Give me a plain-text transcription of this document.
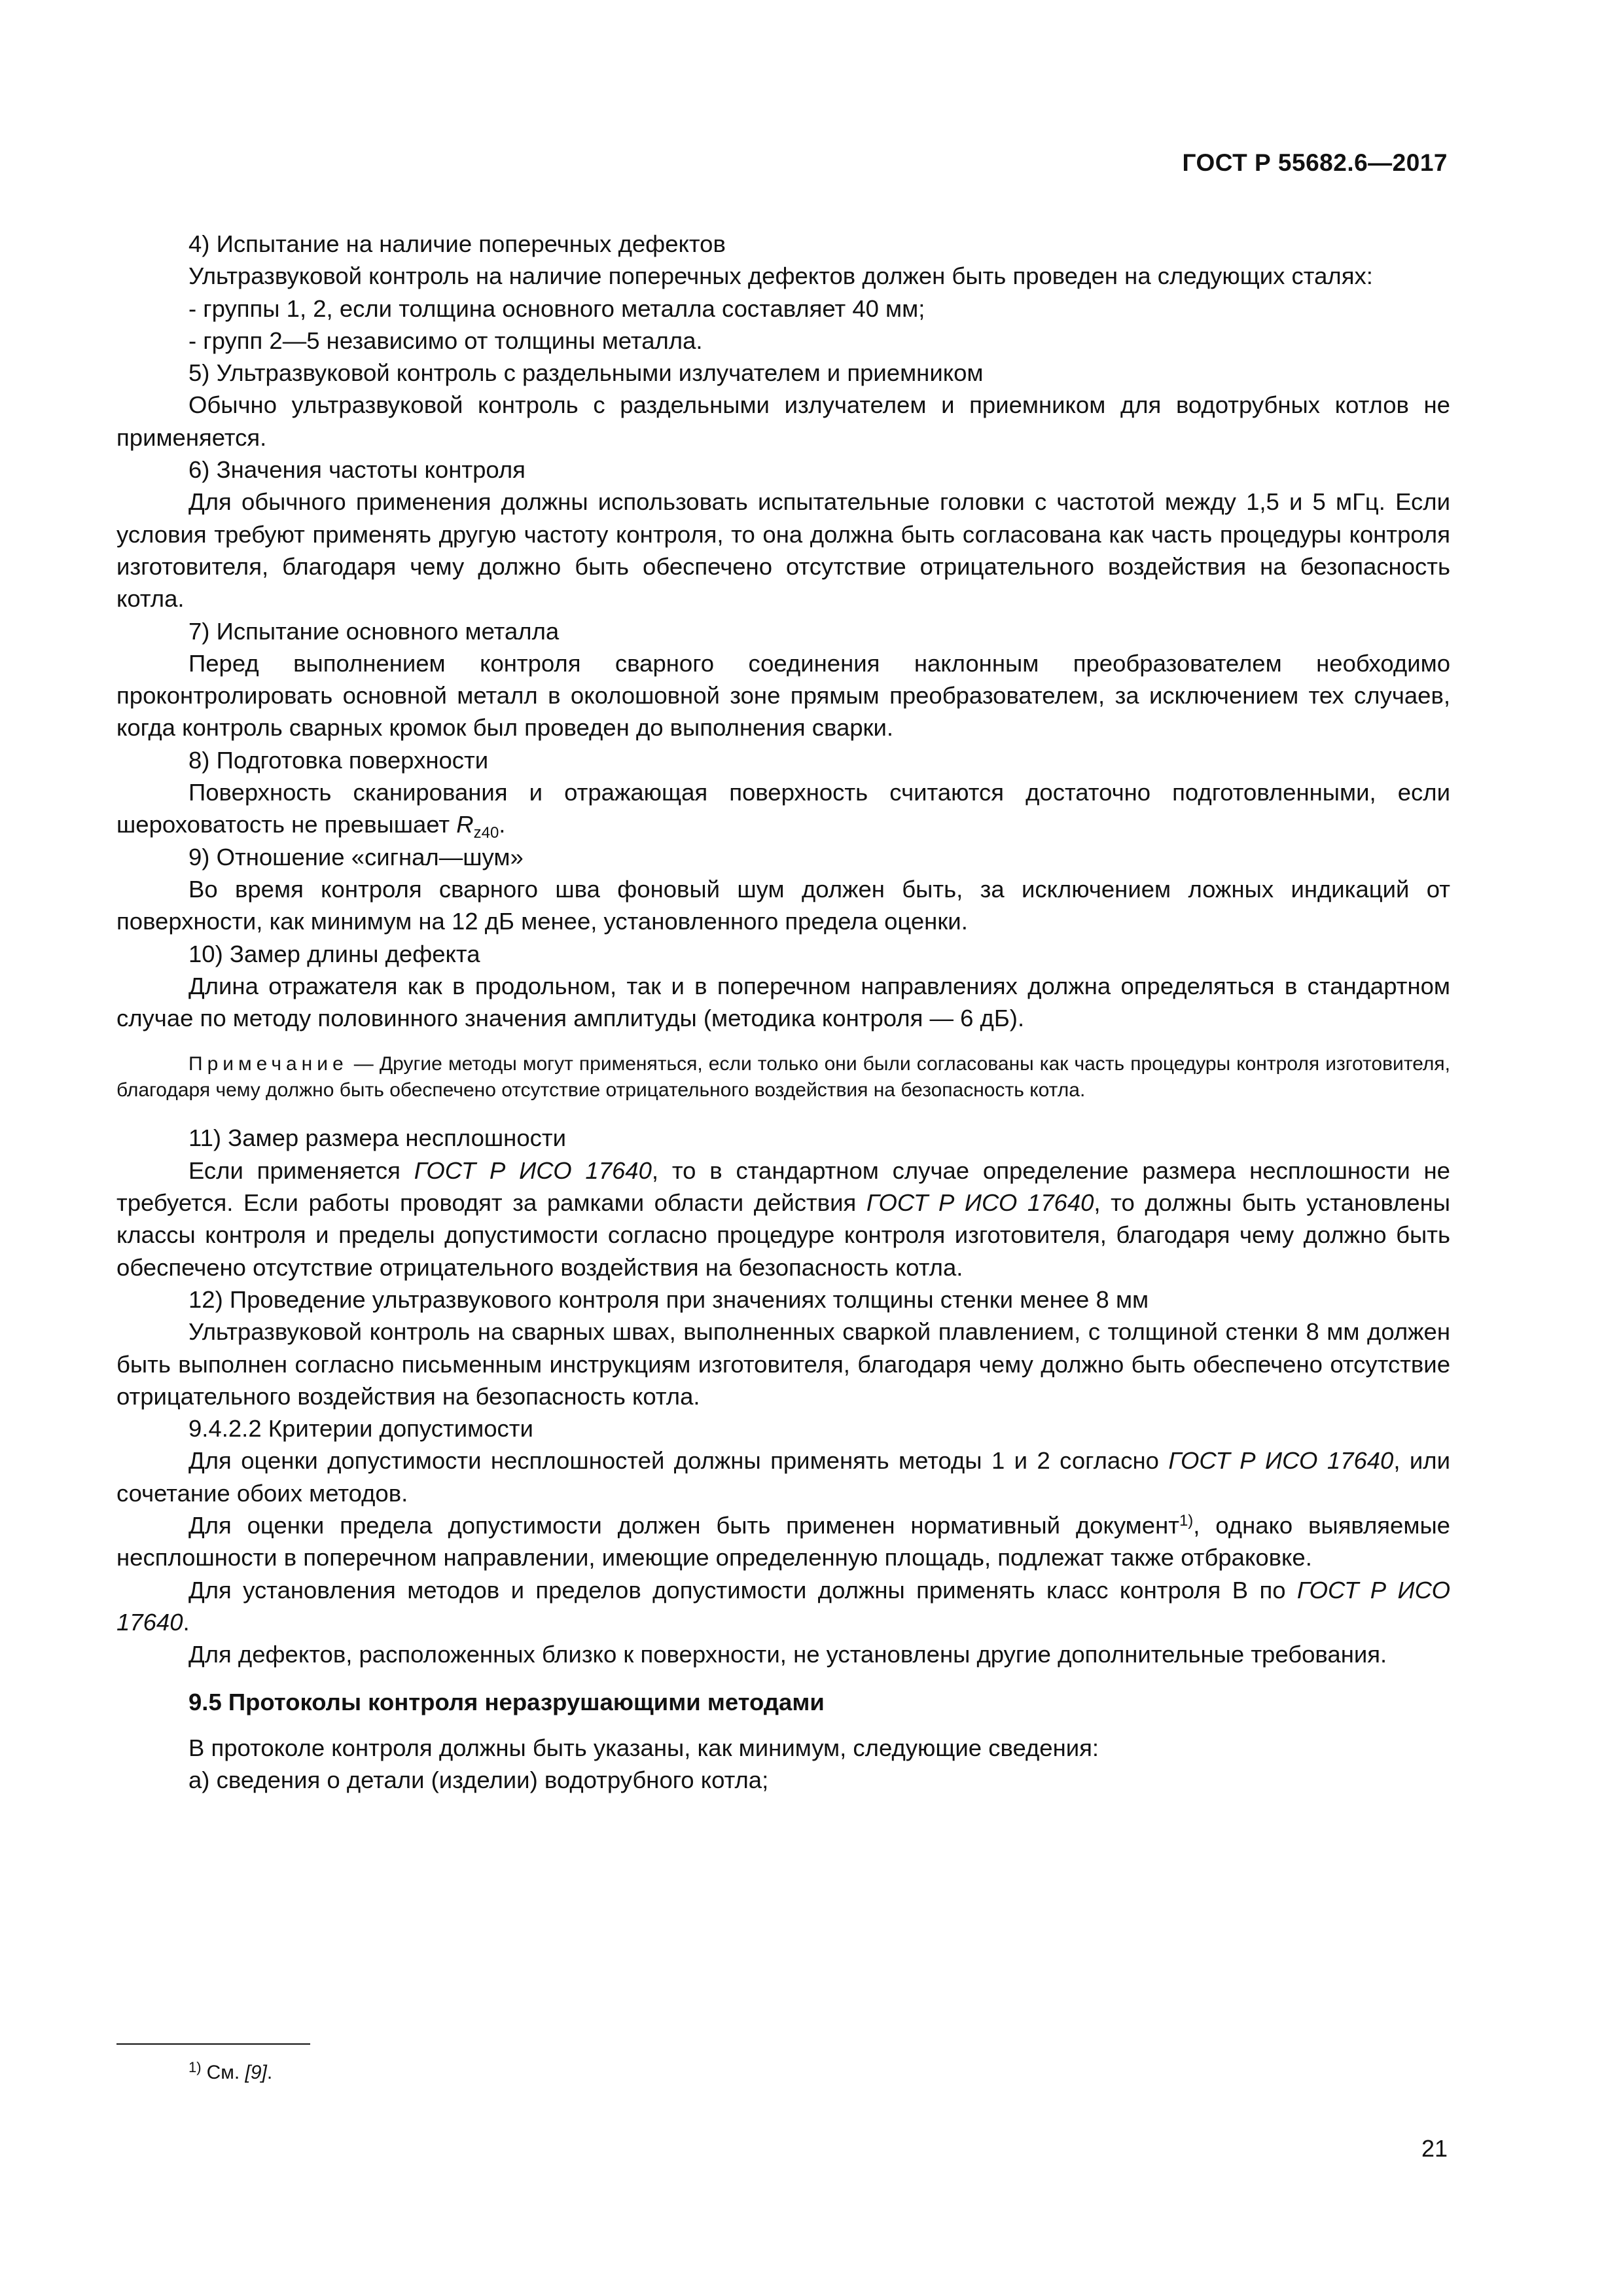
ГОСТ Р 55682.6—2017

4) Испытание на наличие поперечных дефектов

Ультразвуковой контроль на наличие поперечных дефектов должен быть проведен на следующих сталях:

- группы 1, 2, если толщина основного металла составляет 40 мм;

- групп 2—5 независимо от толщины металла.

5) Ультразвуковой контроль с раздельными излучателем и приемником

Обычно ультразвуковой контроль с раздельными излучателем и приемником для водотрубных котлов не применяется.

6) Значения частоты контроля

Для обычного применения должны использовать испытательные головки с частотой между 1,5 и 5 мГц. Если условия требуют применять другую частоту контроля, то она должна быть согласована как часть процедуры контроля изготовителя, благодаря чему должно быть обеспечено отсутствие отрицательного воздействия на безопасность котла.

7) Испытание основного металла

Перед выполнением контроля сварного соединения наклонным преобразователем необходимо проконтролировать основной металл в околошовной зоне прямым преобразователем, за исключением тех случаев, когда контроль сварных кромок был проведен до выполнения сварки.

8) Подготовка поверхности

Поверхность сканирования и отражающая поверхность считаются достаточно подготовленными, если шероховатость не превышает $R_{z40}$.

9) Отношение «сигнал—шум»

Во время контроля сварного шва фоновый шум должен быть, за исключением ложных индикаций от поверхности, как минимум на 12 дБ менее, установленного предела оценки.

10) Замер длины дефекта

Длина отражателя как в продольном, так и в поперечном направлениях должна определяться в стандартном случае по методу половинного значения амплитуды (методика контроля — 6 дБ).

Примечание — Другие методы могут применяться, если только они были согласованы как часть процедуры контроля изготовителя, благодаря чему должно быть обеспечено отсутствие отрицательного воздействия на безопасность котла.

11) Замер размера несплошности

Если применяется ГОСТ Р ИСО 17640, то в стандартном случае определение размера несплошности не требуется. Если работы проводят за рамками области действия ГОСТ Р ИСО 17640, то должны быть установлены классы контроля и пределы допустимости согласно процедуре контроля изготовителя, благодаря чему должно быть обеспечено отсутствие отрицательного воздействия на безопасность котла.

12) Проведение ультразвукового контроля при значениях толщины стенки менее 8 мм

Ультразвуковой контроль на сварных швах, выполненных сваркой плавлением, с толщиной стенки 8 мм должен быть выполнен согласно письменным инструкциям изготовителя, благодаря чему должно быть обеспечено отсутствие отрицательного воздействия на безопасность котла.

9.4.2.2 Критерии допустимости

Для оценки допустимости несплошностей должны применять методы 1 и 2 согласно ГОСТ Р ИСО 17640, или сочетание обоих методов.

Для оценки предела допустимости должен быть применен нормативный документ$^{1)}$, однако выявляемые несплошности в поперечном направлении, имеющие определенную площадь, подлежат также отбраковке.

Для установления методов и пределов допустимости должны применять класс контроля В по ГОСТ Р ИСО 17640.

Для дефектов, расположенных близко к поверхности, не установлены другие дополнительные требования.

9.5 Протоколы контроля неразрушающими методами

В протоколе контроля должны быть указаны, как минимум, следующие сведения:

а) сведения о детали (изделии) водотрубного котла;

$^{1)}$ См. [9].
21
